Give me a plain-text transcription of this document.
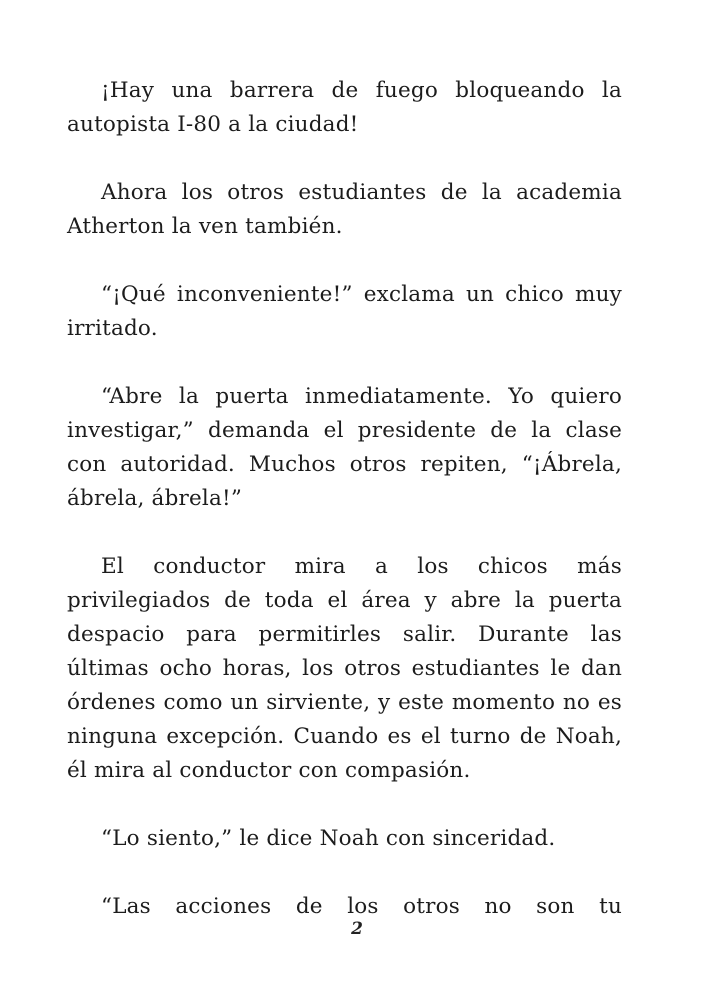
¡Hay una barrera de fuego bloqueando la autopista I-80 a la ciudad!

Ahora los otros estudiantes de la academia Atherton la ven también.

“¡Qué inconveniente!” exclama un chico muy irritado.

“Abre la puerta inmediatamente. Yo quiero investigar,” demanda el presidente de la clase con autoridad. Muchos otros repiten, “¡Ábrela, ábrela, ábrela!”

El conductor mira a los chicos más privilegiados de toda el área y abre la puerta despacio para permitirles salir. Durante las últimas ocho horas, los otros estudiantes le dan órdenes como un sirviente, y este momento no es ninguna excepción. Cuando es el turno de Noah, él mira al conductor con compasión.

“Lo siento,” le dice Noah con sinceridad.

“Las acciones de los otros no son tu

2
